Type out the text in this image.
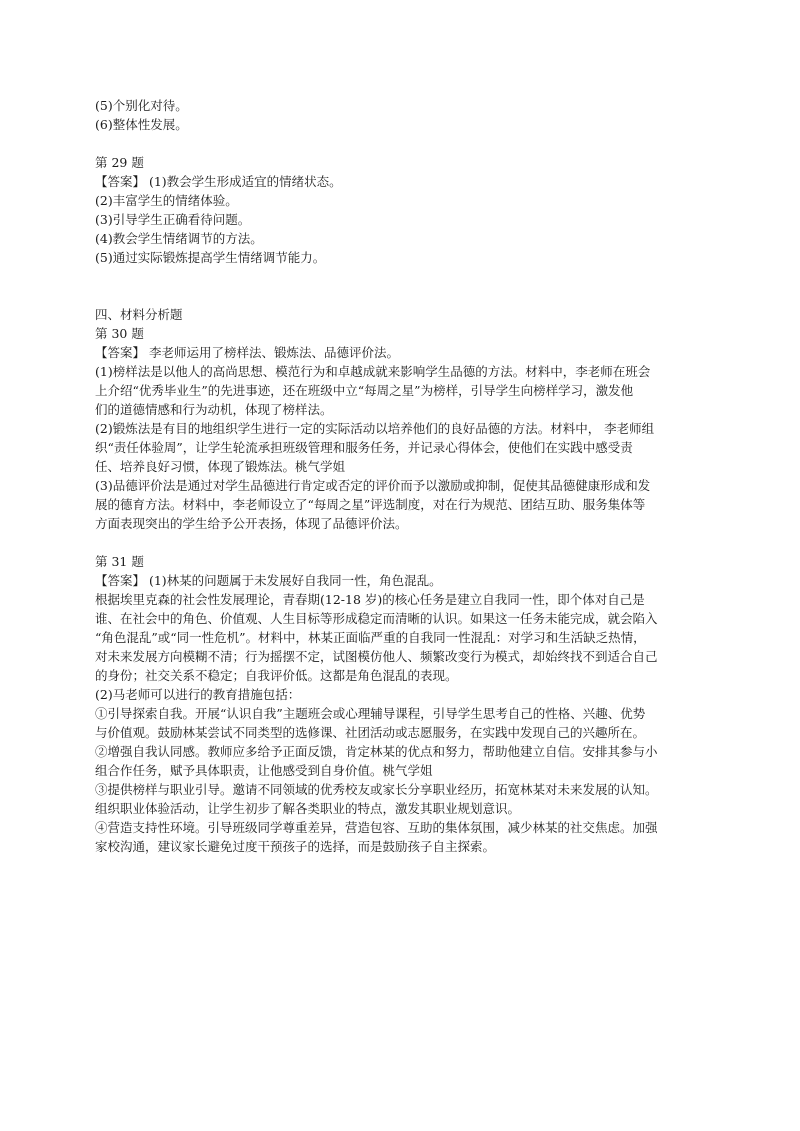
(5)个别化对待。
(6)整体性发展。
第 29 题
【答案】 (1)教会学生形成适宜的情绪状态。
(2)丰富学生的情绪体验。
(3)引导学生正确看待问题。
(4)教会学生情绪调节的方法。
(5)通过实际锻炼提高学生情绪调节能力。
四、材料分析题
第 30 题
【答案】 李老师运用了榜样法、锻炼法、品德评价法。
(1)榜样法是以他人的高尚思想、模范行为和卓越成就来影响学生品德的方法。材料中，李老师在班会
上介绍“优秀毕业生”的先进事迹，还在班级中立“每周之星”为榜样，引导学生向榜样学习，激发他
们的道德情感和行为动机，体现了榜样法。
(2)锻炼法是有目的地组织学生进行一定的实际活动以培养他们的良好品德的方法。材料中， 李老师组
织“责任体验周”，让学生轮流承担班级管理和服务任务，并记录心得体会，使他们在实践中感受责
任、培养良好习惯，体现了锻炼法。桃气学姐
(3)品德评价法是通过对学生品德进行肯定或否定的评价而予以激励或抑制，促使其品德健康形成和发
展的德育方法。材料中，李老师设立了“每周之星”评选制度，对在行为规范、团结互助、服务集体等
方面表现突出的学生给予公开表扬，体现了品德评价法。
第 31 题
【答案】 (1)林某的问题属于未发展好自我同一性，角色混乱。
根据埃里克森的社会性发展理论，青春期(12-18 岁)的核心任务是建立自我同一性，即个体对自己是
谁、在社会中的角色、价值观、人生目标等形成稳定而清晰的认识。如果这一任务未能完成，就会陷入
“角色混乱”或“同一性危机”。材料中，林某正面临严重的自我同一性混乱：对学习和生活缺乏热情，
对未来发展方向模糊不清；行为摇摆不定，试图模仿他人、频繁改变行为模式，却始终找不到适合自己
的身份；社交关系不稳定；自我评价低。这都是角色混乱的表现。
(2)马老师可以进行的教育措施包括：
①引导探索自我。开展“认识自我”主题班会或心理辅导课程，引导学生思考自己的性格、兴趣、优势
与价值观。鼓励林某尝试不同类型的选修课、社团活动或志愿服务，在实践中发现自己的兴趣所在。
②增强自我认同感。教师应多给予正面反馈，肯定林某的优点和努力，帮助他建立自信。安排其参与小
组合作任务，赋予具体职责，让他感受到自身价值。桃气学姐
③提供榜样与职业引导。邀请不同领域的优秀校友或家长分享职业经历，拓宽林某对未来发展的认知。
组织职业体验活动，让学生初步了解各类职业的特点，激发其职业规划意识。
④营造支持性环境。引导班级同学尊重差异，营造包容、互助的集体氛围，减少林某的社交焦虑。加强
家校沟通，建议家长避免过度干预孩子的选择，而是鼓励孩子自主探索。
